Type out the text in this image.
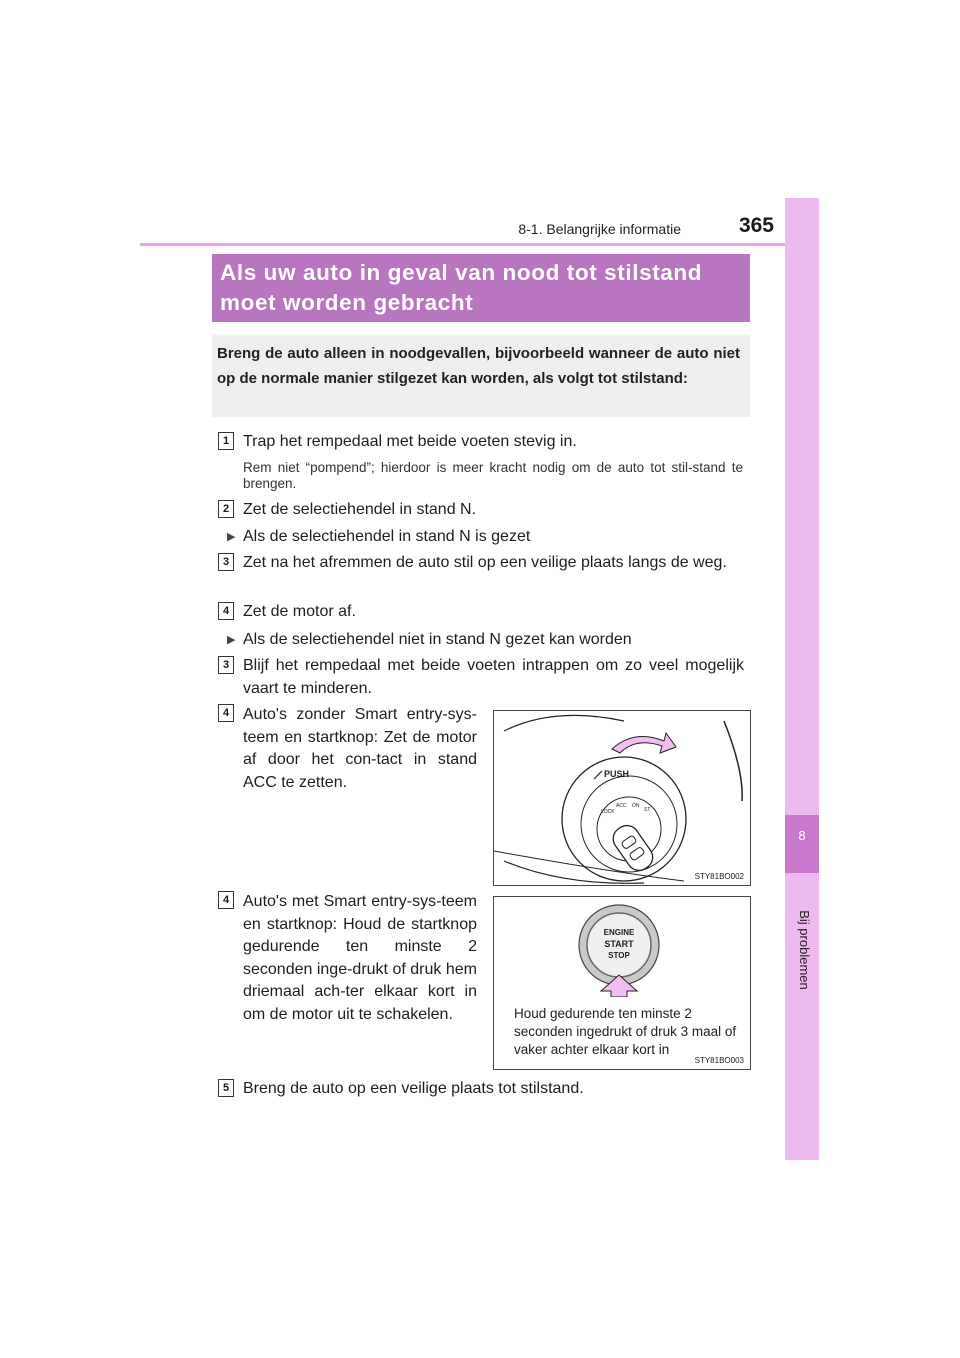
8-1. Belangrijke informatie	365
8
Bij problemen
Als uw auto in geval van nood tot stilstand moet worden gebracht
Breng de auto alleen in noodgevallen, bijvoorbeeld wanneer de auto niet op de normale manier stilgezet kan worden, als volgt tot stilstand:
1 Trap het rempedaal met beide voeten stevig in.
Rem niet “pompend”; hierdoor is meer kracht nodig om de auto tot stil-stand te brengen.
2 Zet de selectiehendel in stand N.
▶ Als de selectiehendel in stand N is gezet
3 Zet na het afremmen de auto stil op een veilige plaats langs de weg.
4 Zet de motor af.
▶ Als de selectiehendel niet in stand N gezet kan worden
3 Blijf het rempedaal met beide voeten intrappen om zo veel mogelijk vaart te minderen.
4 Auto's zonder Smart entry-sys-teem en startknop: Zet de motor af door het con-tact in stand ACC te zetten.	PUSH
LOCK
ACC ON
ST
STY81BO002
4 Auto's met Smart entry-sys-teem en startknop: Houd de startknop gedurende ten minste 2 seconden inge-drukt of druk hem driemaal ach-ter elkaar kort in om de motor uit te schakelen.
ENGINE
START
STOP
Houd gedurende ten minste 2 seconden ingedrukt of druk 3 maal of vaker achter elkaar kort in
STY81BO003
5 Breng de auto op een veilige plaats tot stilstand.
